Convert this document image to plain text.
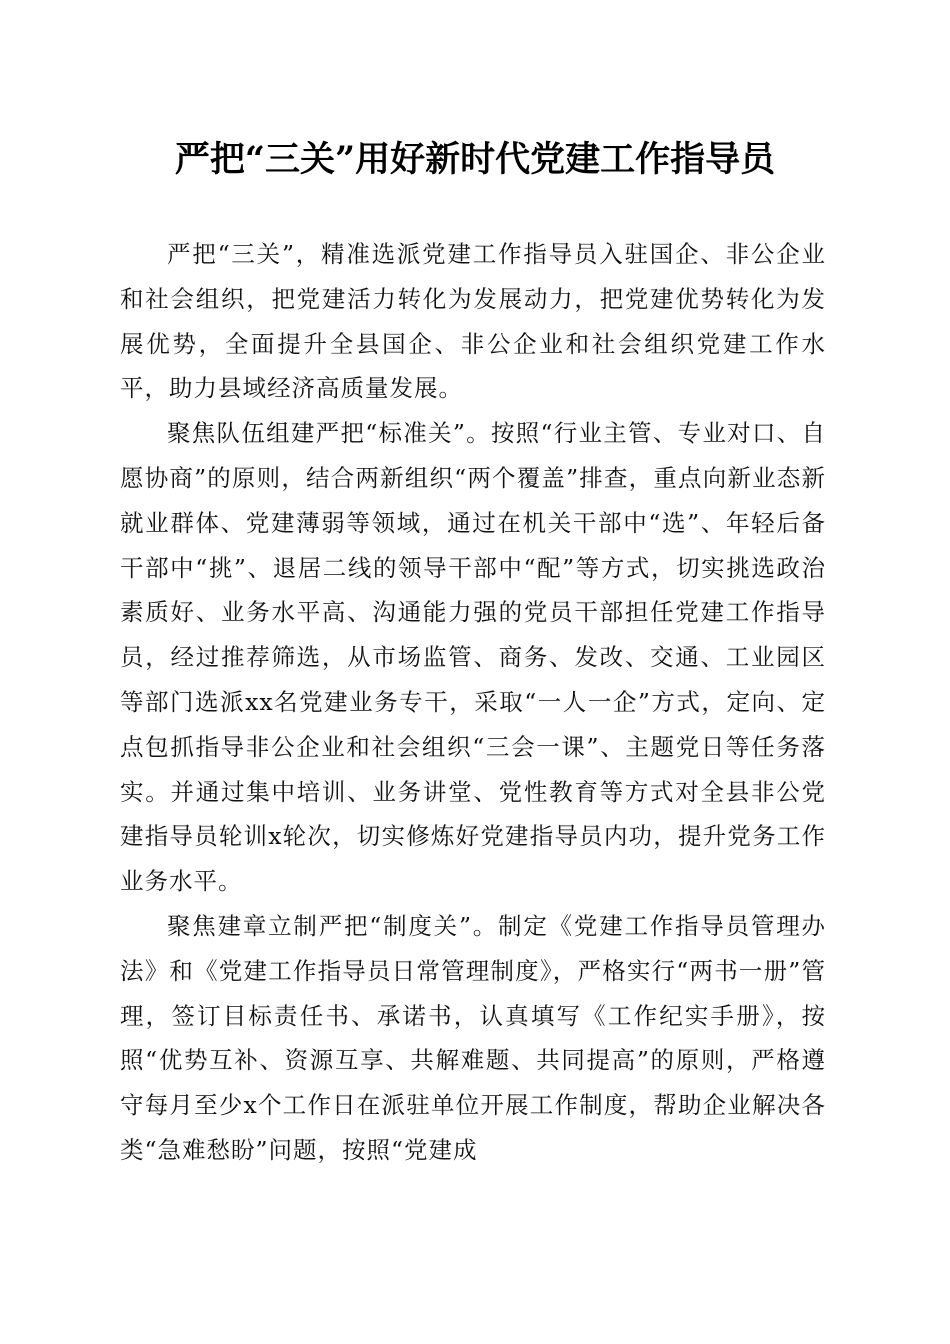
严把“三关”用好新时代党建工作指导员

严把“三关”，精准选派党建工作指导员入驻国企、非公企业和社会组织，把党建活力转化为发展动力，把党建优势转化为发展优势，全面提升全县国企、非公企业和社会组织党建工作水平，助力县域经济高质量发展。

聚焦队伍组建严把“标准关”。按照“行业主管、专业对口、自愿协商”的原则，结合两新组织“两个覆盖”排查，重点向新业态新就业群体、党建薄弱等领域，通过在机关干部中“选”、年轻后备干部中“挑”、退居二线的领导干部中“配”等方式，切实挑选政治素质好、业务水平高、沟通能力强的党员干部担任党建工作指导员，经过推荐筛选，从市场监管、商务、发改、交通、工业园区等部门选派xx名党建业务专干，采取“一人一企”方式，定向、定点包抓指导非公企业和社会组织“三会一课”、主题党日等任务落实。并通过集中培训、业务讲堂、党性教育等方式对全县非公党建指导员轮训x轮次，切实修炼好党建指导员内功，提升党务工作业务水平。

聚焦建章立制严把“制度关”。制定《党建工作指导员管理办法》和《党建工作指导员日常管理制度》，严格实行“两书一册”管理，签订目标责任书、承诺书，认真填写《工作纪实手册》，按照“优势互补、资源互享、共解难题、共同提高”的原则，严格遵守每月至少x个工作日在派驻单位开展工作制度，帮助企业解决各类“急难愁盼”问题，按照“党建成
